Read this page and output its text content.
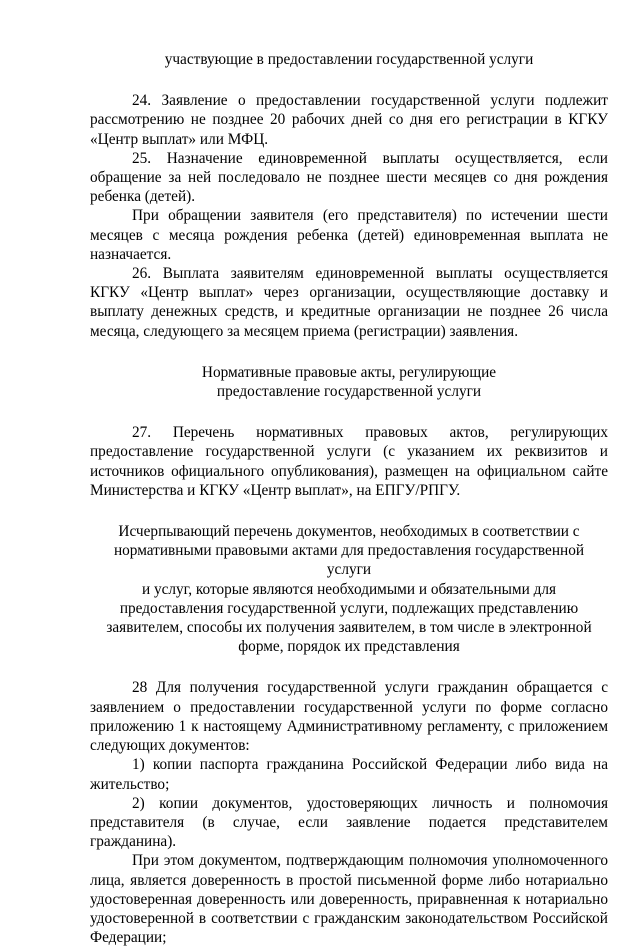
участвующие в предоставлении государственной услуги

24. Заявление о предоставлении государственной услуги подлежит рассмотрению не позднее 20 рабочих дней со дня его регистрации в КГКУ «Центр выплат» или МФЦ.

25. Назначение единовременной выплаты осуществляется, если обращение за ней последовало не позднее шести месяцев со дня рождения ребенка (детей).

При обращении заявителя (его представителя) по истечении шести месяцев с месяца рождения ребенка (детей) единовременная выплата не назначается.

26. Выплата заявителям единовременной выплаты осуществляется КГКУ «Центр выплат» через организации, осуществляющие доставку и выплату денежных средств, и кредитные организации не позднее 26 числа месяца, следующего за месяцем приема (регистрации) заявления.

Нормативные правовые акты, регулирующие

предоставление государственной услуги

27. Перечень нормативных правовых актов, регулирующих предоставление государственной услуги (с указанием их реквизитов и источников официального опубликования), размещен на официальном сайте Министерства и КГКУ «Центр выплат», на ЕПГУ/РПГУ.

Исчерпывающий перечень документов, необходимых в соответствии с

нормативными правовыми актами для предоставления государственной услуги

и услуг, которые являются необходимыми и обязательными для

предоставления государственной услуги, подлежащих представлению

заявителем, способы их получения заявителем, в том числе в электронной

форме, порядок их представления

28 Для получения государственной услуги гражданин обращается с заявлением о предоставлении государственной услуги по форме согласно приложению 1 к настоящему Административному регламенту, с приложением следующих документов:

1) копии паспорта гражданина Российской Федерации либо вида на жительство;

2) копии документов, удостоверяющих личность и полномочия представителя (в случае, если заявление подается представителем гражданина).

При этом документом, подтверждающим полномочия уполномоченного лица, является доверенность в простой письменной форме либо нотариально удостоверенная доверенность или доверенность, приравненная к нотариально удостоверенной в соответствии с гражданским законодательством Российской Федерации;
